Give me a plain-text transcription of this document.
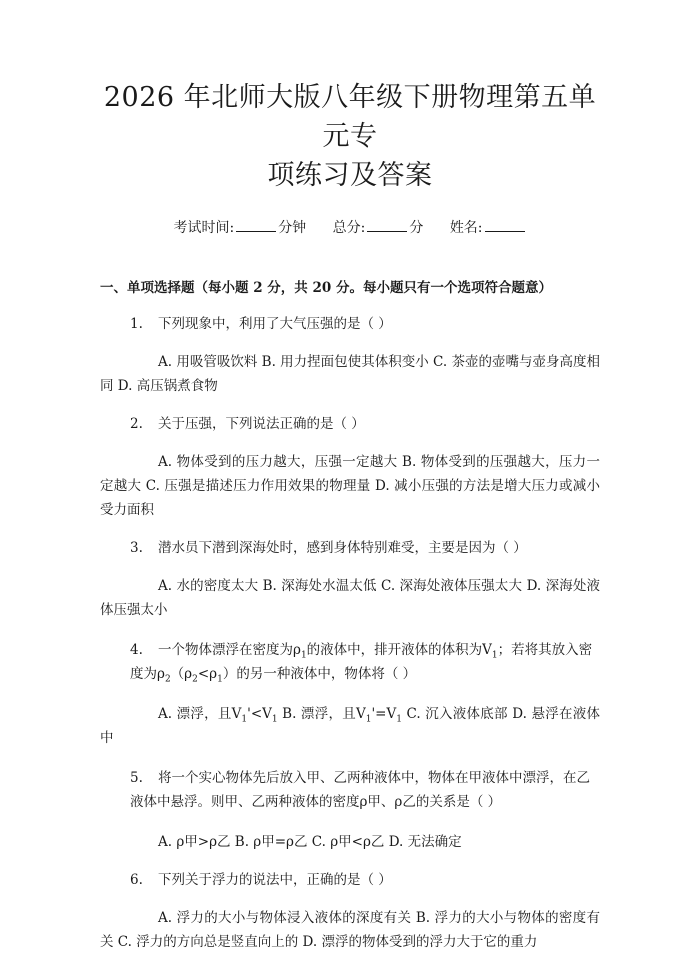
2026 年北师大版八年级下册物理第五单元专
项练习及答案
考试时间:	分钟 总分:	分 姓名:
一、单项选择题（每小题 2 分，共 20 分。每小题只有一个选项符合题意）
1. 下列现象中，利用了大气压强的是（ ）
A. 用吸管吸饮料 B. 用力捏面包使其体积变小 C. 茶壶的壶嘴与壶身高度相同 D. 高压锅煮食物
2. 关于压强，下列说法正确的是（ ）
A. 物体受到的压力越大，压强一定越大 B. 物体受到的压强越大，压力一定越大 C. 压强是描述压力作用效果的物理量 D. 减小压强的方法是增大压力或减小受力面积
3. 潜水员下潜到深海处时，感到身体特别难受，主要是因为（ ）
A. 水的密度太大 B. 深海处水温太低 C. 深海处液体压强太大 D. 深海处液体压强太小
4. 一个物体漂浮在密度为$\rho_1$的液体中，排开液体的体积为$V_1$；若将其放入密度为$\rho_2(\rho_2<\rho_1)$的另一种液体中，物体将（ ）
A. 漂浮，且$V_1'<V_1$ B. 漂浮，且$V_1'=V_1$ C. 沉入液体底部 D. 悬浮在液体中
5. 将一个实心物体先后放入甲、乙两种液体中，物体在甲液体中漂浮，在乙液体中悬浮。则甲、乙两种液体的密度ρ甲、ρ乙的关系是（ ）
A. ρ甲>ρ乙 B. ρ甲=ρ乙 C. ρ甲<ρ乙 D. 无法确定
6. 下列关于浮力的说法中，正确的是（ ）
A. 浮力的大小与物体浸入液体的深度有关 B. 浮力的大小与物体的密度有关 C. 浮力的方向总是竖直向上的 D. 漂浮的物体受到的浮力大于它的重力
